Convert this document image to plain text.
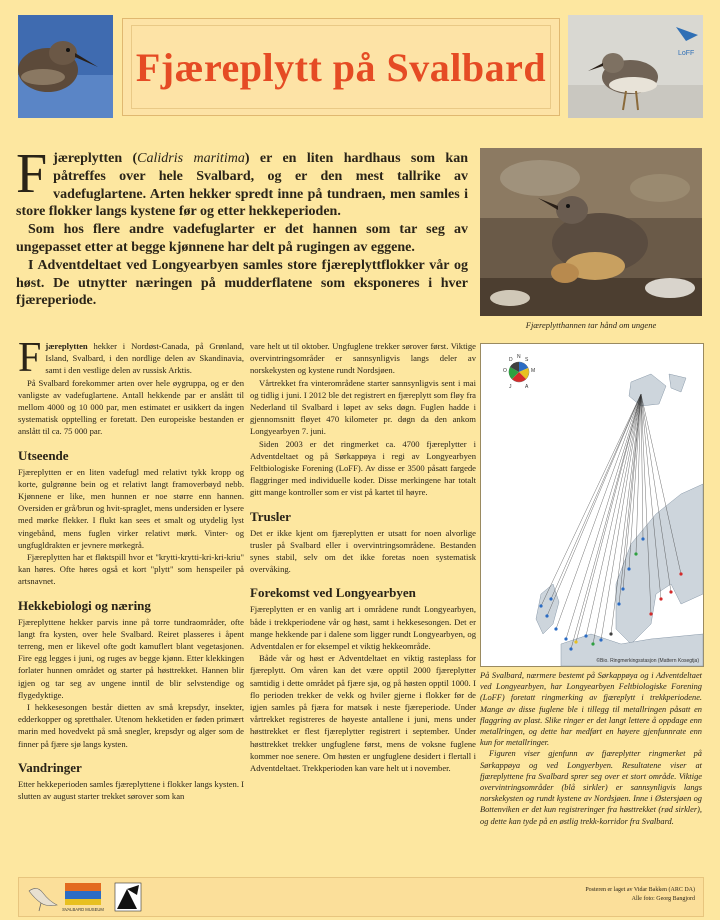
Fjæreplytt på Svalbard	LoFF

Fjæreplytten (Calidris maritima) er en liten hardhaus som kan påtreffes over hele Svalbard, og er den mest tallrike av vadefuglartene. Arten hekker spredt inne på tundraen, men samles i store flokker langs kystene før og etter hekkeperioden.

Som hos flere andre vadefuglarter er det hannen som tar seg av ungepasset etter at begge kjønnene har delt på rugingen av eggene.

I Adventdeltaet ved Longyearbyen samles store fjæreplyttflokker vår og høst. De utnytter næringen på mudderflatene som eksponeres i hver fjæreperiode.

Fjæreplytthannen tar hånd om ungene

Fjæreplytten hekker i Nordøst-Canada, på Grønland, Island, Svalbard, i den nordlige delen av Skandinavia, samt i den vestlige delen av russisk Arktis.

På Svalbard forekommer arten over hele øygruppa, og er den vanligste av vadefuglartene. Antall hekkende par er anslått til mellom 4000 og 10 000 par, men estimatet er usikkert da ingen systematisk opptelling er foretatt. Den europeiske bestanden er anslått til ca. 75 000 par.

Utseende

Fjæreplytten er en liten vadefugl med relativt tykk kropp og korte, gulgrønne bein og et relativt langt framoverbøyd nebb. Kjønnene er like, men hunnen er noe større enn hannen. Oversiden er grå/brun og hvit-spraglet, mens undersiden er lysere med mørke flekker. I flukt kan sees et smalt og utydelig lyst vingebånd, mens fuglen virker relativt mørk. Vinter- og ungfugldrakten er jevnere mørkegrå.

Fjæreplytten har et fløktspill hvor et "krytti-krytti-kri-kri-kriu" kan høres. Ofte høres også et kort "plytt" som henspeiler på artsnavnet.

Hekkebiologi og næring

Fjæreplyttene hekker parvis inne på torre tundraområder, ofte langt fra kysten, over hele Svalbard. Reiret plasseres i åpent terreng, men er likevel ofte godt kamuflert blant vegetasjonen. Fire egg legges i juni, og ruges av begge kjønn. Etter klekkingen forlater hunnen området og starter på høsttrekket. Hannen blir igjen og tar seg av ungene inntil de blir selvstendige og flygedyktige.

I hekkesesongen består dietten av små krepsdyr, insekter, edderkopper og spretthaler. Utenom hekketiden er føden primært marin med hovedvekt på små snegler, krepsdyr og alger som de finner på fjære sjø langs kysten.

Vandringer

Etter hekkeperioden samles fjæreplyttene i flokker langs kysten. I slutten av august starter trekket sørover som kan

vare helt ut til oktober. Ungfuglene trekker sørover først. Viktige overvintringsområder er sannsynligvis langs deler av norskekysten og kystene rundt Nordsjøen.

Vårtrekket fra vinterområdene starter sannsynligvis sent i mai og tidlig i juni. I 2012 ble det registrert en fjæreplytt som fløy fra Nederland til Svalbard i løpet av seks døgn. Fuglen hadde i gjennomsnitt fløyet 470 kilometer pr. døgn da den ankom Longyearbyen 7. juni.

Siden 2003 er det ringmerket ca. 4700 fjæreplytter i Adventdeltaet og på Sørkappøya i regi av Longyearbyen Feltbiologiske Forening (LoFF). Av disse er 3500 påsatt fargede flaggringer med individuelle koder. Disse merkingene har totalt gitt mange kontroller som er vist på kartet til høyre.

Trusler

Det er ikke kjent om fjæreplytten er utsatt for noen alvorlige trusler på Svalbard eller i overvintringsområdene. Bestanden synes stabil, selv om det ikke foretas noen systematisk overvåking.

Forekomst ved Longyearbyen

Fjæreplytten er en vanlig art i områdene rundt Longyearbyen, både i trekkperiodene vår og høst, samt i hekkesesongen. Det er mange hekkende par i dalene som ligger rundt Longyearbyen, og Adventdalen er for eksempel et viktig hekkeområde.

Både vår og høst er Adventdeltaet en viktig rasteplass for fjæreplytt. Om våren kan det være opptil 2000 fjæreplytter samtidig i dette området på fjære sjø, og på høsten opptil 1000. I flo perioden trekker de vekk og hviler gjerne i flokker før de igjen samles på fjæra for matsøk i neste fjæreperiode. Under vårtrekket registreres de høyeste antallene i juni, mens under høsttrekket er flest fjæreplytter registrert i september. Under høsttrekket trekker ungfuglene først, mens de voksne fuglene kommer noe senere. Om høsten er ungfuglene desidert i flertall i Adventdeltaet. Trekkperioden kan vare helt ut i november.

N
D S
O	M
J	A
©Bio. Ringmerkingsstasjon (Mattern Kosegtja)

På Svalbard, nærmere bestemt på Sørkappøya og i Adventdeltaet ved Longyearbyen, har Longyearbyen Feltbiologiske Forening (LoFF) foretatt ringmerking av fjæreplytt i trekkperiodene. Mange av disse fuglene ble i tillegg til metallringen påsatt en flaggring av plast. Slike ringer er det langt lettere å oppdage enn metallringen, og dette har medført en høyere gjenfunnrate enn kun for metallringer.

Figuren viser gjenfunn av fjæreplytter ringmerket på Sørkappøya og ved Longyerbyen. Resultatene viser at fjæreplyttene fra Svalbard sprer seg over et stort område. Viktige overvintringsområder (blå sirkler) er sannsynligvis langs norskekysten og rundt kystene av Nordsjøen. Inne i Østersjøen og Bottenviken er det kun registreringer fra høsttrekket (rød sirkler), og dette kan tyde på en østlig trekk-korridor fra Svalbard.

SVALBARD MUSEUM
Posteren er laget av Vidar Bakken (ARC DA)
Alle foto: Georg Bangjord
